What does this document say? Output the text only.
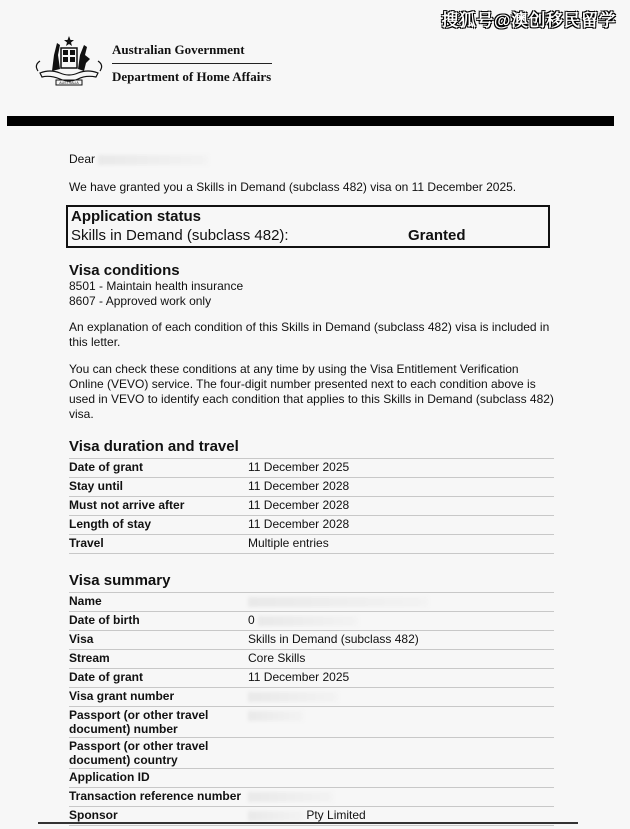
搜狐号@澳创移民留学
AUSTRALIA
Australian Government
Department of Home Affairs
Dear

We have granted you a Skills in Demand (subclass 482) visa on 11 December 2025.

Application status
Skills in Demand (subclass 482):	Granted
Visa conditions
8501 - Maintain health insurance
8607 - Approved work only

An explanation of each condition of this Skills in Demand (subclass 482) visa is included in this letter.

You can check these conditions at any time by using the Visa Entitlement Verification Online (VEVO) service. The four-digit number presented next to each condition above is used in VEVO to identify each condition that applies to this Skills in Demand (subclass 482) visa.

Visa duration and travel
Date of grant	11 December 2025
Stay until	11 December 2028
Must not arrive after	11 December 2028
Length of stay	11 December 2028
Travel	Multiple entries
Visa summary
Name	
Date of birth	0
Visa	Skills in Demand (subclass 482)
Stream	Core Skills
Date of grant	11 December 2025
Visa grant number	
Passport (or other travel document) number	
Passport (or other travel document) country	
Application ID	
Transaction reference number	
Sponsor	Pty Limited
